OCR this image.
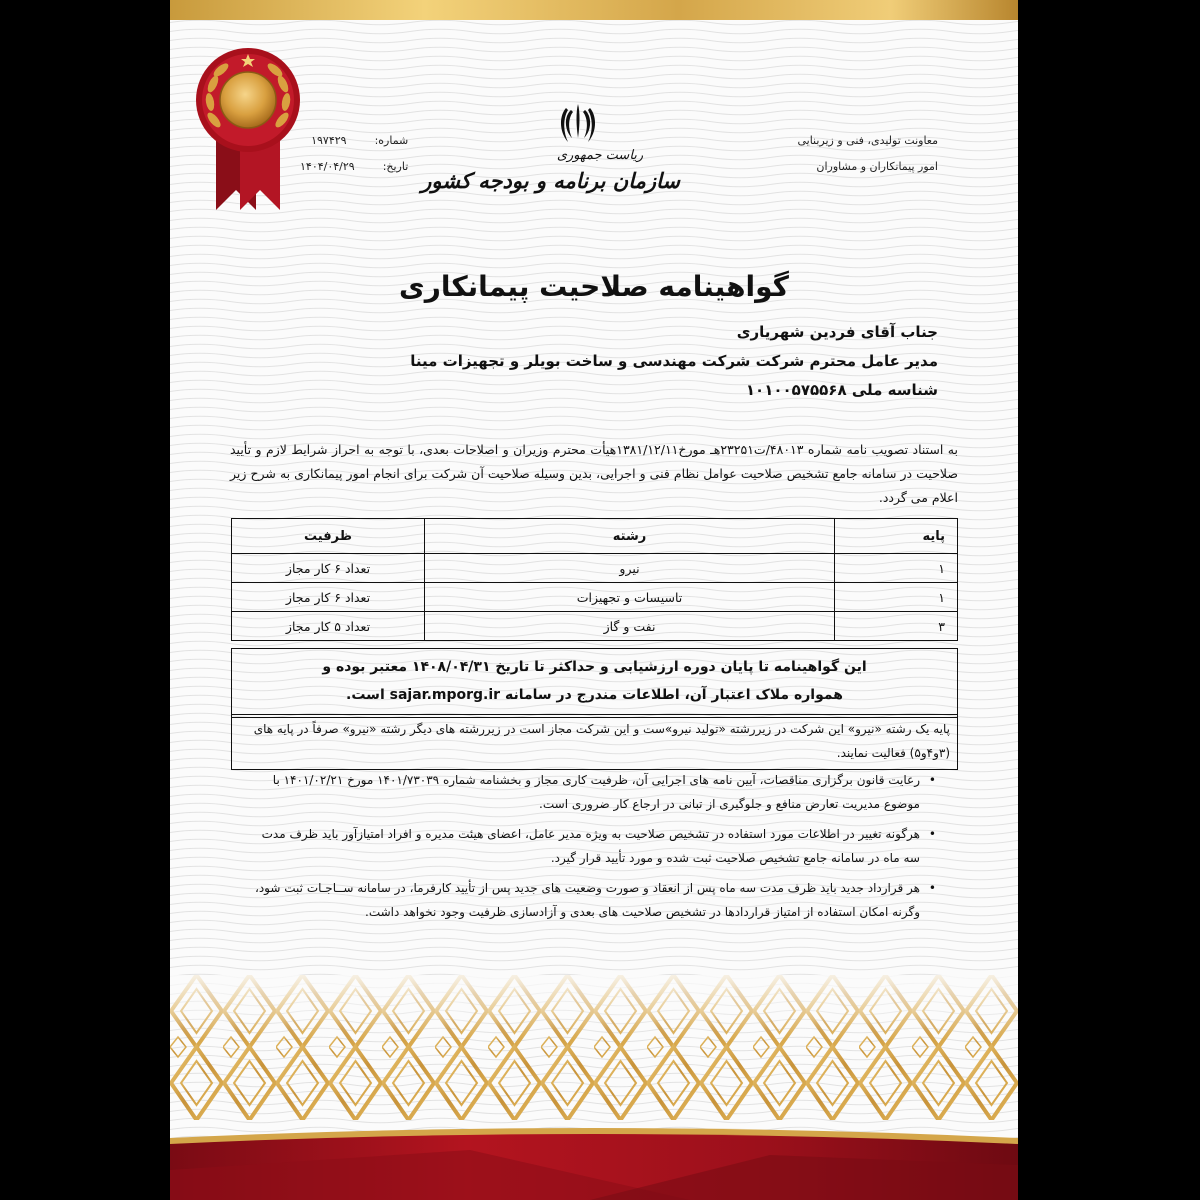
معاونت تولیدی، فنی و زیربنایی
امور پیمانکاران و مشاوران
شماره:
۱۹۷۴۲۹
تاریخ:
۱۴۰۴/۰۴/۲۹
ریاست جمهوری
سازمان برنامه و بودجه کشور
گواهینامه صلاحیت پیمانکاری
جناب آقای فردین شهریاری
مدیر عامل محترم شرکت شرکت مهندسی و ساخت بویلر و تجهیزات مینا
شناسه ملی ۱۰۱۰۰۵۷۵۵۶۸
به استناد تصویب نامه شماره ۴۸۰۱۳/ت۲۳۲۵۱هـ مورخ۱۳۸۱/۱۲/۱۱هیأت محترم وزیران و اصلاحات بعدی، با توجه به احراز شرایط لازم و تأیید صلاحیت در سامانه جامع تشخیص صلاحیت عوامل نظام فنی و اجرایی، بدین وسیله صلاحیت آن شرکت برای انجام امور پیمانکاری به شرح زیر اعلام می گردد.
پایه	رشته	ظرفیت
۱	نیرو	تعداد ۶ کار مجاز
۱	تاسیسات و تجهیزات	تعداد ۶ کار مجاز
۳	نفت و گاز	تعداد ۵ کار مجاز
این گواهینامه تا پایان دوره ارزشیابی و حداکثر تا تاریخ ۱۴۰۸/۰۴/۳۱ معتبر بوده و
همواره ملاک اعتبار آن، اطلاعات مندرج در سامانه sajar.mporg.ir است.
پایه یک رشته «نیرو» این شرکت در زیررشته «تولید نیرو»ست و این شرکت مجاز است در زیررشته های دیگر رشته «نیرو» صرفاً در پایه های (۳و۴و۵) فعالیت نمایند.
•
رعایت قانون برگزاری مناقصات، آیین نامه های اجرایی آن، ظرفیت کاری مجاز و بخشنامه شماره ۱۴۰۱/۷۳۰۳۹ مورخ ۱۴۰۱/۰۲/۲۱ با موضوع مدیریت تعارض منافع و جلوگیری از تبانی در ارجاع کار ضروری است.
•
هرگونه تغییر در اطلاعات مورد استفاده در تشخیص صلاحیت به ویژه مدیر عامل، اعضای هیئت مدیره و افراد امتیازآور باید ظرف مدت سه ماه در سامانه جامع تشخیص صلاحیت ثبت شده و مورد تأیید قرار گیرد.
•
هر قرارداد جدید باید ظرف مدت سه ماه پس از انعقاد و صورت وضعیت های جدید پس از تأیید کارفرما، در سامانه ســاجـات ثبت شود، وگرنه امکان استفاده از امتیاز قراردادها در تشخیص صلاحیت های بعدی و آزادسازی ظرفیت وجود نخواهد داشت.
